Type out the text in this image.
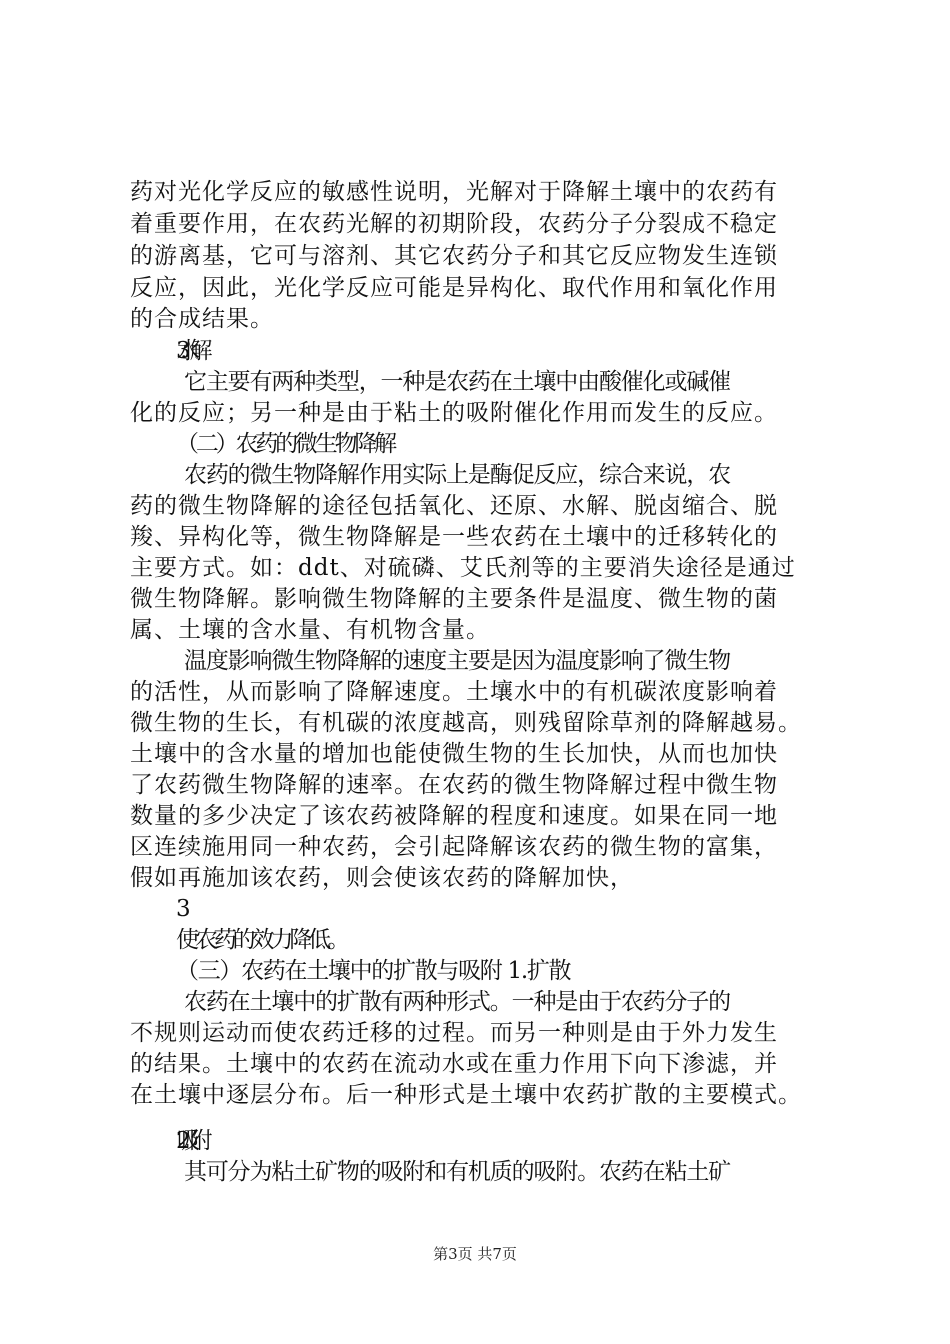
药对光化学反应的敏感性说明，光解对于降解土壤中的农药有
着重要作用，在农药光解的初期阶段，农药分子分裂成不稳定
的游离基，它可与溶剂、其它农药分子和其它反应物发生连锁
反应，因此，光化学反应可能是异构化、取代作用和氧化作用
的合成结果。
3.水解
它主要有两种类型，一种是农药在土壤中由酸催化或碱催
化的反应；另一种是由于粘土的吸附催化作用而发生的反应。
（二）农药的微生物降解
农药的微生物降解作用实际上是酶促反应，综合来说，农
药的微生物降解的途径包括氧化、还原、水解、脱卤缩合、脱
羧、异构化等，微生物降解是一些农药在土壤中的迁移转化的
主要方式。如：ddt、对硫磷、艾氏剂等的主要消失途径是通过
微生物降解。影响微生物降解的主要条件是温度、微生物的菌
属、土壤的含水量、有机物含量。
温度影响微生物降解的速度主要是因为温度影响了微生物
的活性，从而影响了降解速度。土壤水中的有机碳浓度影响着
微生物的生长，有机碳的浓度越高，则残留除草剂的降解越易。
土壤中的含水量的增加也能使微生物的生长加快，从而也加快
了农药微生物降解的速率。在农药的微生物降解过程中微生物
数量的多少决定了该农药被降解的程度和速度。如果在同一地
区连续施用同一种农药，会引起降解该农药的微生物的富集，
假如再施加该农药，则会使该农药的降解加快，
使农药的效力降低。
（三）农药在土壤中的扩散与吸附 1.扩散
农药在土壤中的扩散有两种形式。一种是由于农药分子的
不规则运动而使农药迁移的过程。而另一种则是由于外力发生
的结果。土壤中的农药在流动水或在重力作用下向下渗滤，并
在土壤中逐层分布。后一种形式是土壤中农药扩散的主要模式。
2.吸附
其可分为粘土矿物的吸附和有机质的吸附。农药在粘土矿
第3页 共7页
